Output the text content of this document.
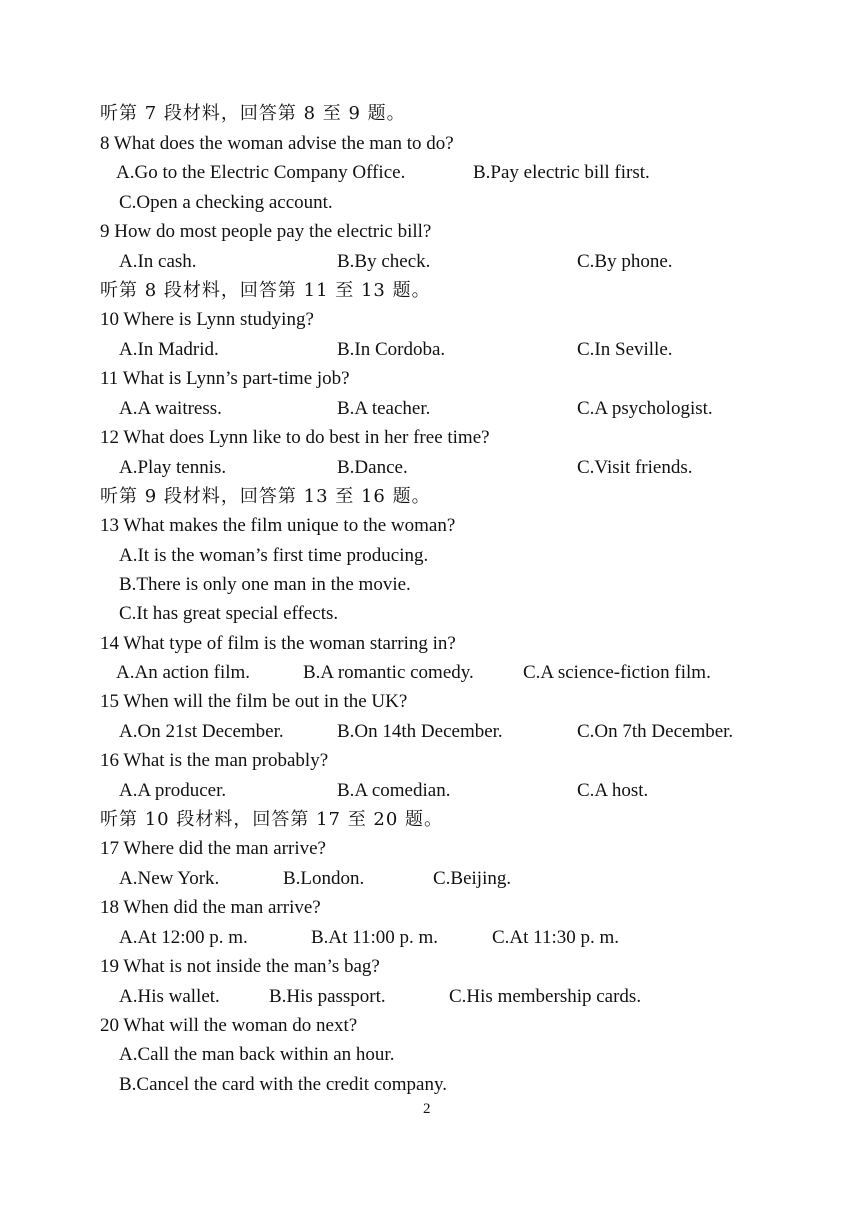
听第 7 段材料，回答第 8 至 9 题。
8 What does the woman advise the man to do?
A.Go to the Electric Company Office.	B.Pay electric bill first.
C.Open a checking account.
9 How do most people pay the electric bill?
A.In cash.	B.By check.	C.By phone.
听第 8 段材料，回答第 11 至 13 题。
10 Where is Lynn studying?
A.In Madrid.	B.In Cordoba.	C.In Seville.
11 What is Lynn’s part-time job?
A.A waitress.	B.A teacher.	C.A psychologist.
12 What does Lynn like to do best in her free time?
A.Play tennis.	B.Dance.	C.Visit friends.
听第 9 段材料，回答第 13 至 16 题。
13 What makes the film unique to the woman?
A.It is the woman’s first time producing.
B.There is only one man in the movie.
C.It has great special effects.
14 What type of film is the woman starring in?
A.An action film.	B.A romantic comedy.	C.A science-fiction film.
15 When will the film be out in the UK?
A.On 21st December.	B.On 14th December.	C.On 7th December.
16 What is the man probably?
A.A producer.	B.A comedian.	C.A host.
听第 10 段材料，回答第 17 至 20 题。
17 Where did the man arrive?
A.New York.	B.London.	C.Beijing.
18 When did the man arrive?
A.At 12:00 p. m.	B.At 11:00 p. m.	C.At 11:30 p. m.
19 What is not inside the man’s bag?
A.His wallet.	B.His passport.	C.His membership cards.
20 What will the woman do next?
A.Call the man back within an hour.
B.Cancel the card with the credit company.
2
